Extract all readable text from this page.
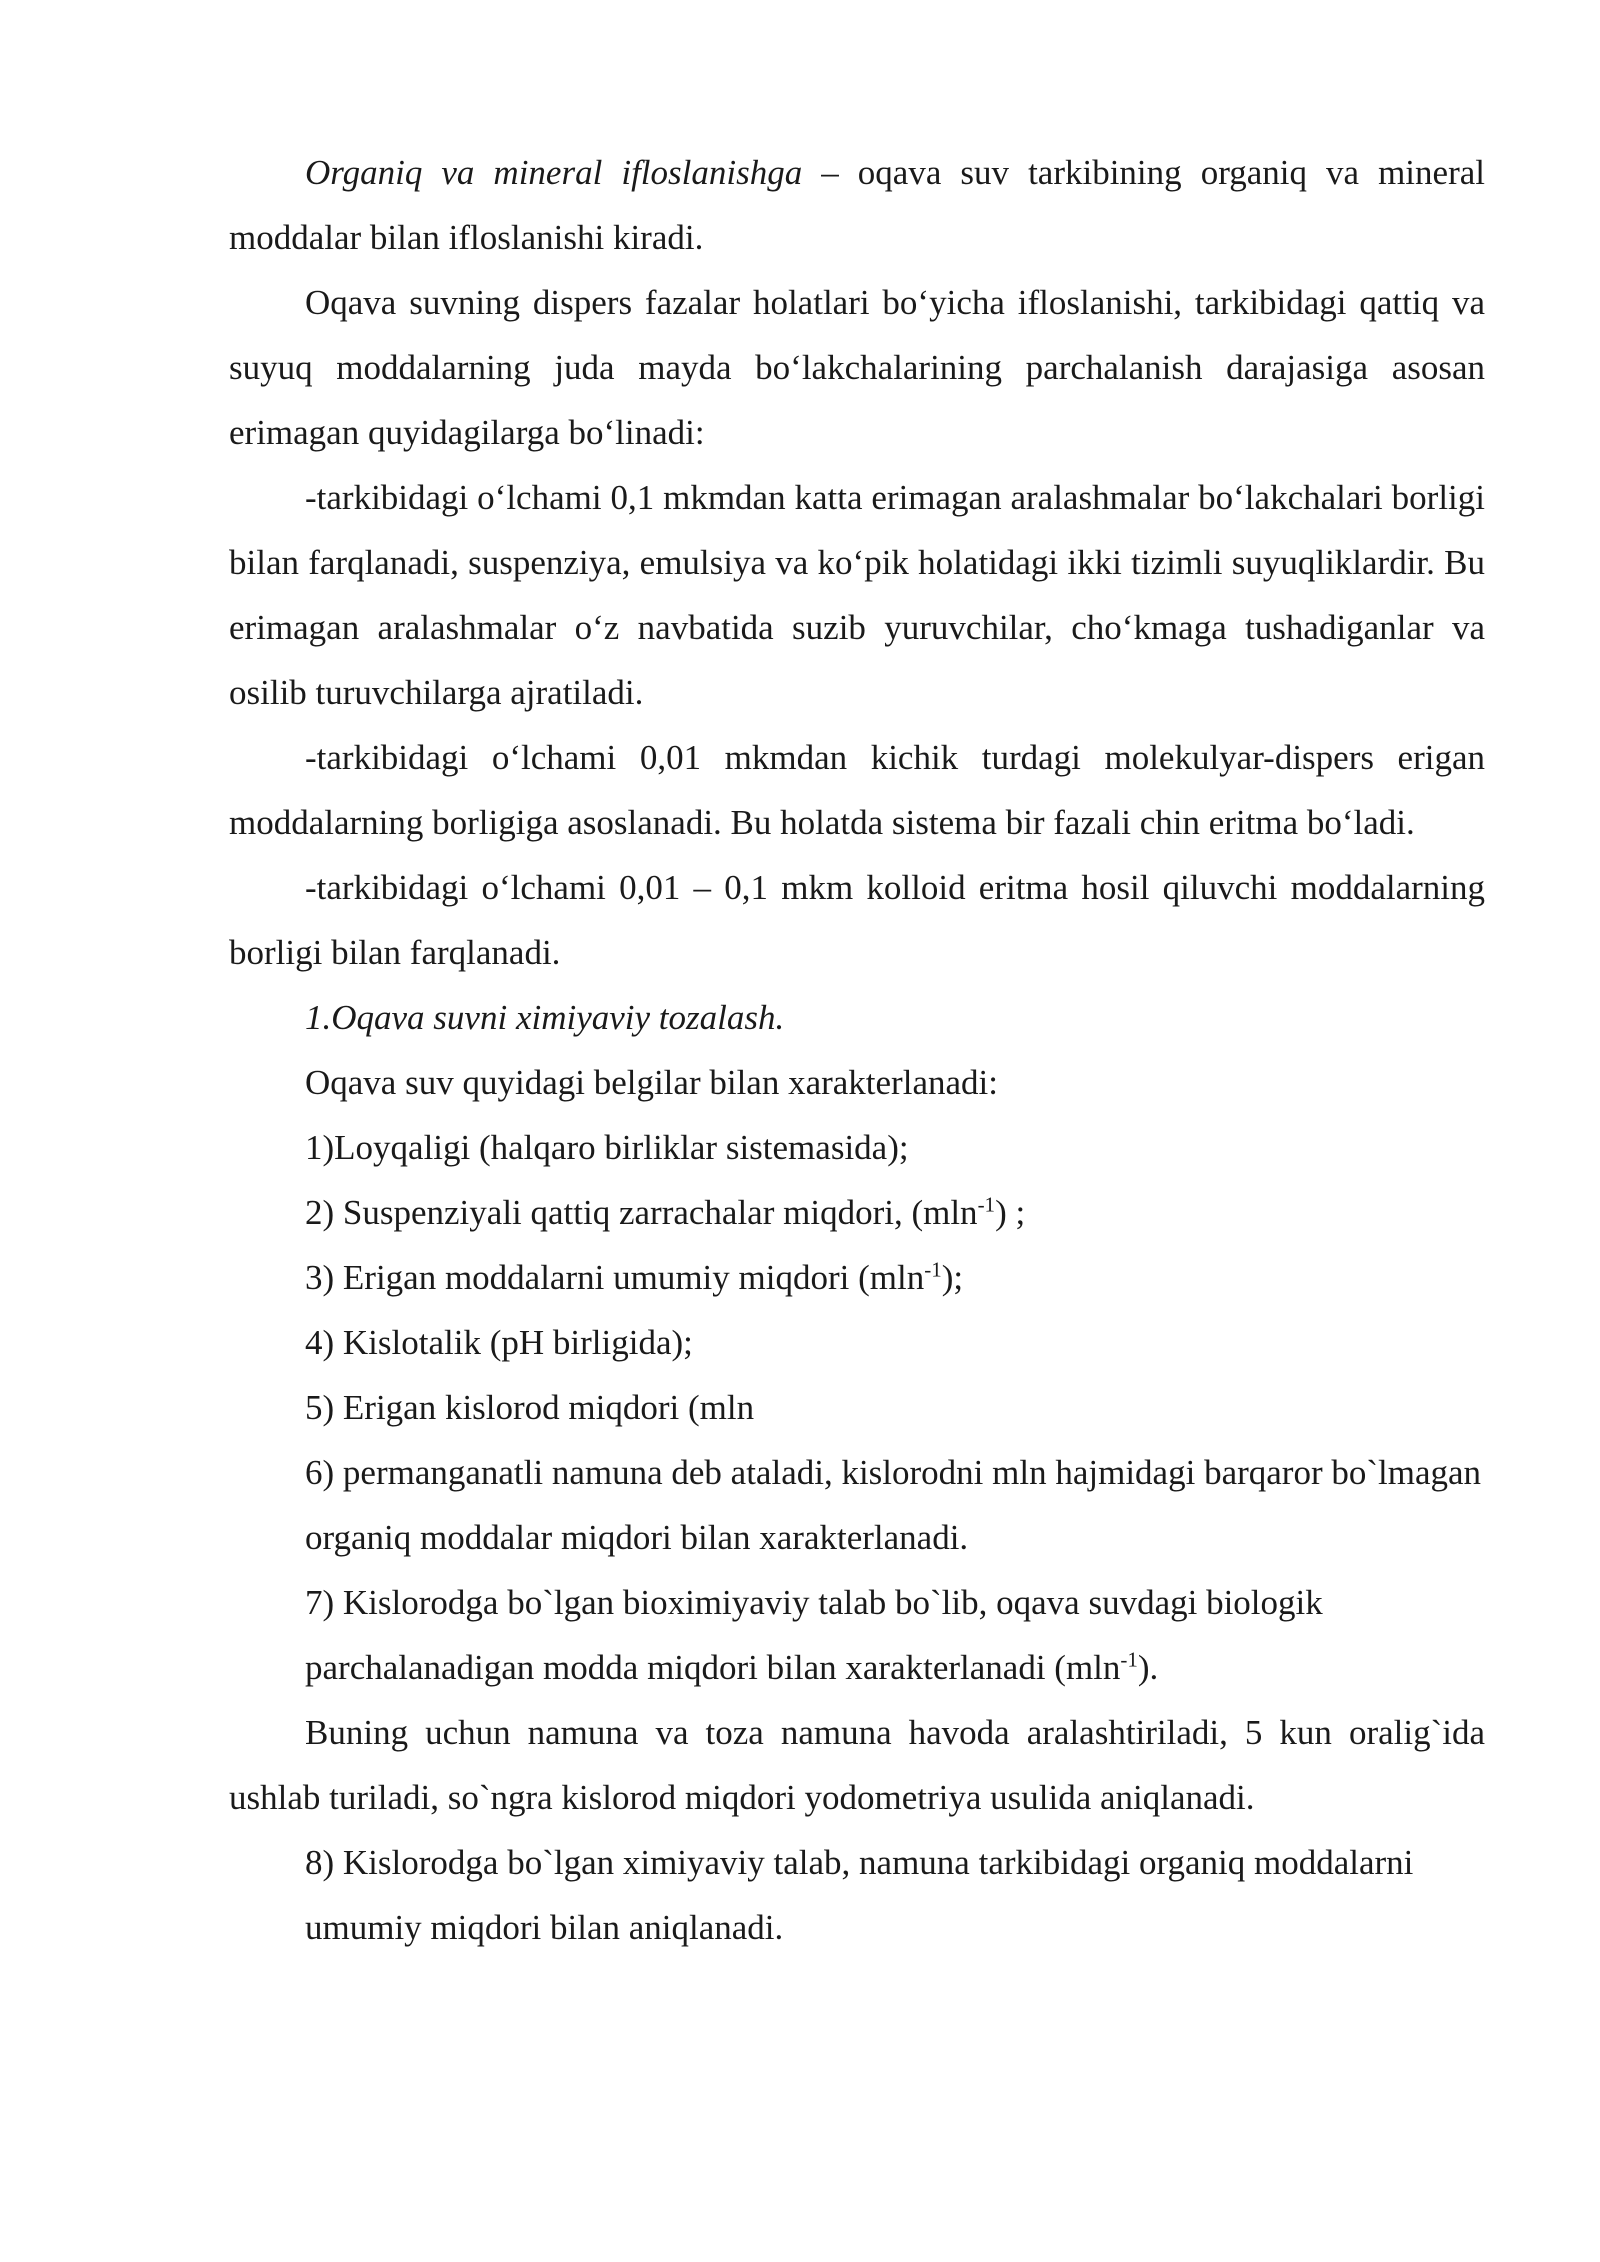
Organiq va mineral ifloslanishga – oqava suv tarkibining organiq va mineral moddalar bilan ifloslanishi kiradi.

Oqava suvning dispers fazalar holatlari bo‘yicha ifloslanishi, tarkibidagi qattiq va suyuq moddalarning juda mayda bo‘lakchalarining parchalanish darajasiga asosan erimagan quyidagilarga bo‘linadi:

-tarkibidagi o‘lchami 0,1 mkmdan katta erimagan aralashmalar bo‘lakchalari borligi bilan farqlanadi, suspenziya, emulsiya va ko‘pik holatidagi ikki tizimli suyuqliklardir. Bu erimagan aralashmalar o‘z navbatida suzib yuruvchilar, cho‘kmaga tushadiganlar va osilib turuvchilarga ajratiladi.

-tarkibidagi o‘lchami 0,01 mkmdan kichik turdagi molekulyar-dispers erigan moddalarning borligiga asoslanadi. Bu holatda sistema bir fazali chin eritma bo‘ladi.

-tarkibidagi o‘lchami 0,01 – 0,1 mkm kolloid eritma hosil qiluvchi moddalarning borligi bilan farqlanadi.

1.Oqava suvni ximiyaviy tozalash.

Oqava suv quyidagi belgilar bilan xarakterlanadi:

1)Loyqaligi (halqaro birliklar sistemasida);

2) Suspenziyali qattiq zarrachalar miqdori, (mln$^{-1}$) ;

3) Erigan moddalarni umumiy miqdori (mln$^{-1}$);

4) Kislotalik (pH birligida);

5) Erigan kislorod miqdori (mln

6) permanganatli namuna deb ataladi, kislorodni mln hajmidagi barqaror bo`lmagan organiq moddalar miqdori bilan xarakterlanadi.

7) Kislorodga bo`lgan bioximiyaviy talab bo`lib, oqava suvdagi biologik parchalanadigan modda miqdori bilan xarakterlanadi (mln$^{-1}$).

Buning uchun namuna va toza namuna havoda aralashtiriladi, 5 kun oralig`ida ushlab turiladi, so`ngra kislorod miqdori yodometriya usulida aniqlanadi.

8) Kislorodga bo`lgan ximiyaviy talab, namuna tarkibidagi organiq moddalarni umumiy miqdori bilan aniqlanadi.
